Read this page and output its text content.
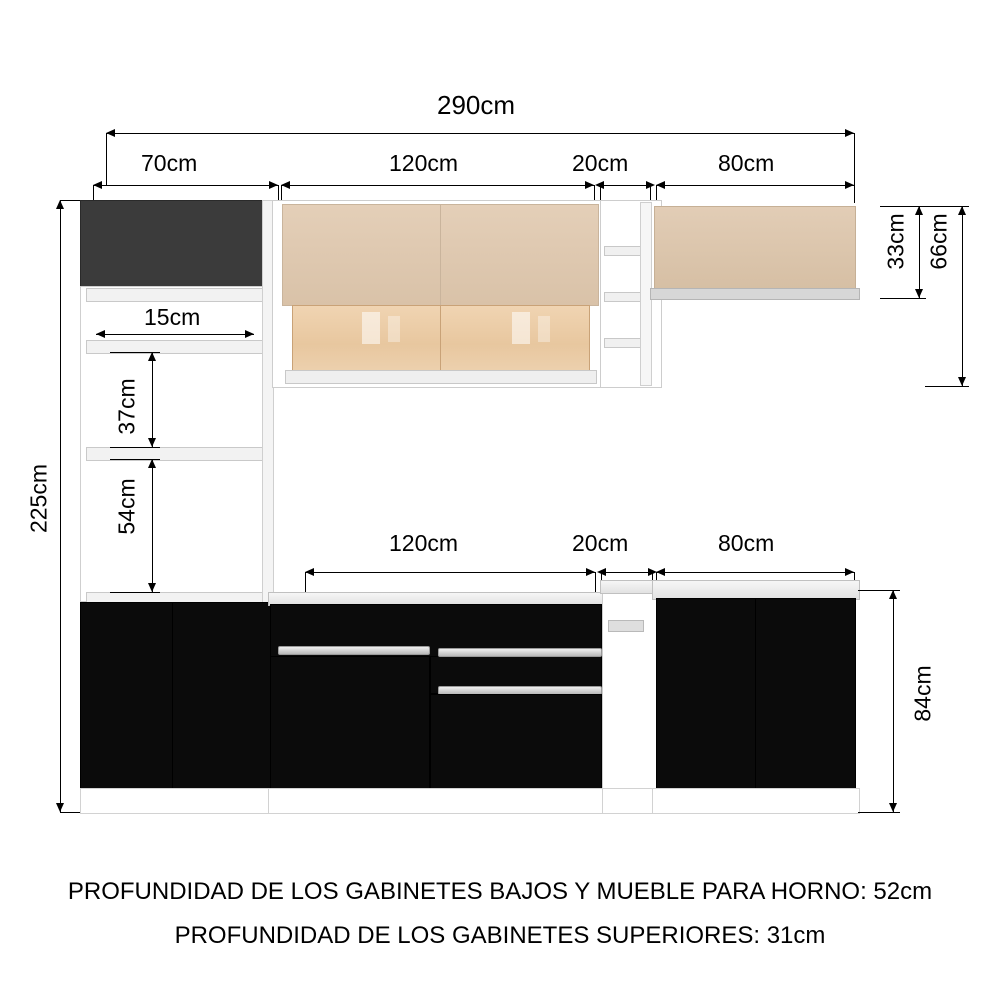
290cm
70cm	120cm	20cm	80cm
225cm
15cm
37cm
54cm
33cm 66cm
120cm	20cm	80cm
84cm
PROFUNDIDAD DE LOS GABINETES BAJOS Y MUEBLE PARA HORNO: 52cm
PROFUNDIDAD DE LOS GABINETES SUPERIORES: 31cm
